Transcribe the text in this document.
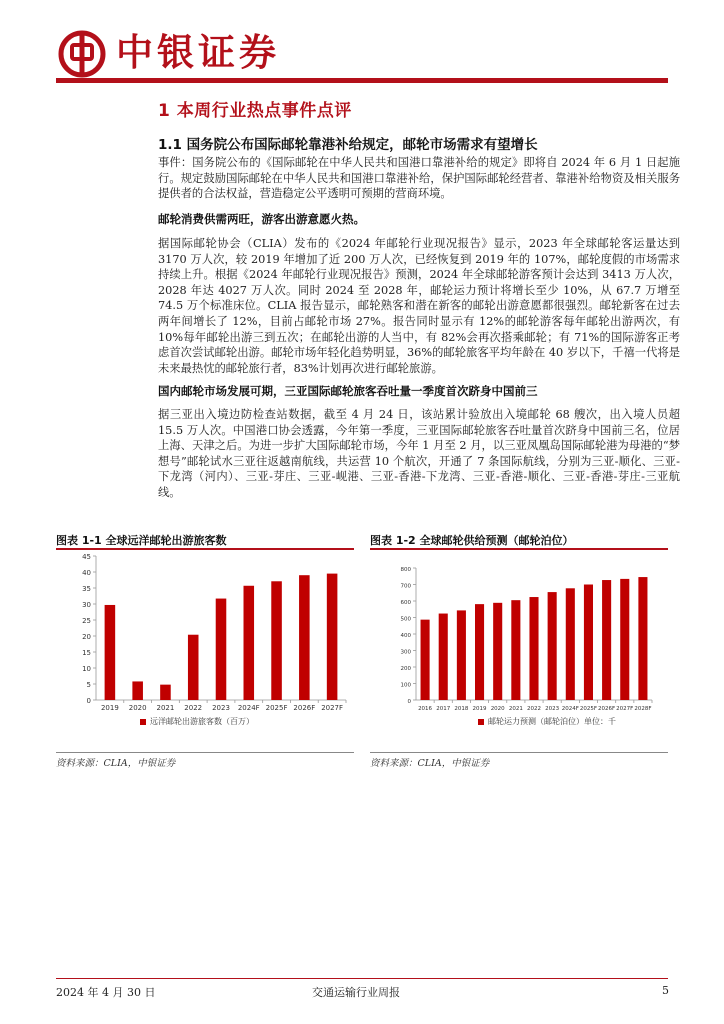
中银证券
1 本周行业热点事件点评
1.1 国务院公布国际邮轮靠港补给规定，邮轮市场需求有望增长
事件：国务院公布的《国际邮轮在中华人民共和国港口靠港补给的规定》即将自 2024 年 6 月 1 日起施行。规定鼓励国际邮轮在中华人民共和国港口靠港补给，保护国际邮轮经营者、靠港补给物资及相关服务提供者的合法权益，营造稳定公平透明可预期的营商环境。
邮轮消费供需两旺，游客出游意愿火热。
据国际邮轮协会（CLIA）发布的《2024 年邮轮行业现况报告》显示，2023 年全球邮轮客运量达到 3170 万人次，较 2019 年增加了近 200 万人次，已经恢复到 2019 年的 107%，邮轮度假的市场需求持续上升。根据《2024 年邮轮行业现况报告》预测，2024 年全球邮轮游客预计会达到 3413 万人次，2028 年达 4027 万人次。同时 2024 至 2028 年，邮轮运力预计将增长至少 10%，从 67.7 万增至 74.5 万个标准床位。CLIA 报告显示，邮轮熟客和潜在新客的邮轮出游意愿都很强烈。邮轮新客在过去两年间增长了 12%，目前占邮轮市场 27%。报告同时显示有 12%的邮轮游客每年邮轮出游两次，有 10%每年邮轮出游三到五次；在邮轮出游的人当中，有 82%会再次搭乘邮轮；有 71%的国际游客正考虑首次尝试邮轮出游。邮轮市场年轻化趋势明显，36%的邮轮旅客平均年龄在 40 岁以下，千禧一代将是未来最热忱的邮轮旅行者，83%计划再次进行邮轮旅游。
国内邮轮市场发展可期，三亚国际邮轮旅客吞吐量一季度首次跻身中国前三
据三亚出入境边防检查站数据，截至 4 月 24 日，该站累计验放出入境邮轮 68 艘次，出入境人员超 15.5 万人次。中国港口协会透露，今年第一季度，三亚国际邮轮旅客吞吐量首次跻身中国前三名，位居上海、天津之后。为进一步扩大国际邮轮市场，今年 1 月至 2 月，以三亚凤凰岛国际邮轮港为母港的“梦想号”邮轮试水三亚往返越南航线，共运营 10 个航次，开通了 7 条国际航线，分别为三亚-顺化、三亚-下龙湾（河内）、三亚-芽庄、三亚-岘港、三亚-香港-下龙湾、三亚-香港-顺化、三亚-香港-芽庄-三亚航线。
图表 1-1 全球远洋邮轮出游旅客数
0
5
10
15
20
25
30
35
40
45
2019 2020 2021 2022 2023 2024F 2025F 2026F 2027F
远洋邮轮出游旅客数（百万）
资料来源：CLIA，中银证券
图表 1-2 全球邮轮供给预测（邮轮泊位）
0
100
200
300
400
500
600
700
800
2016 2017 2018 2019 2020 2021 2022 2023 2024F 2025F 2026F 2027F 2028F
邮轮运力预测（邮轮泊位）单位：千
资料来源：CLIA，中银证券
2024 年 4 月 30 日	交通运输行业周报	5
